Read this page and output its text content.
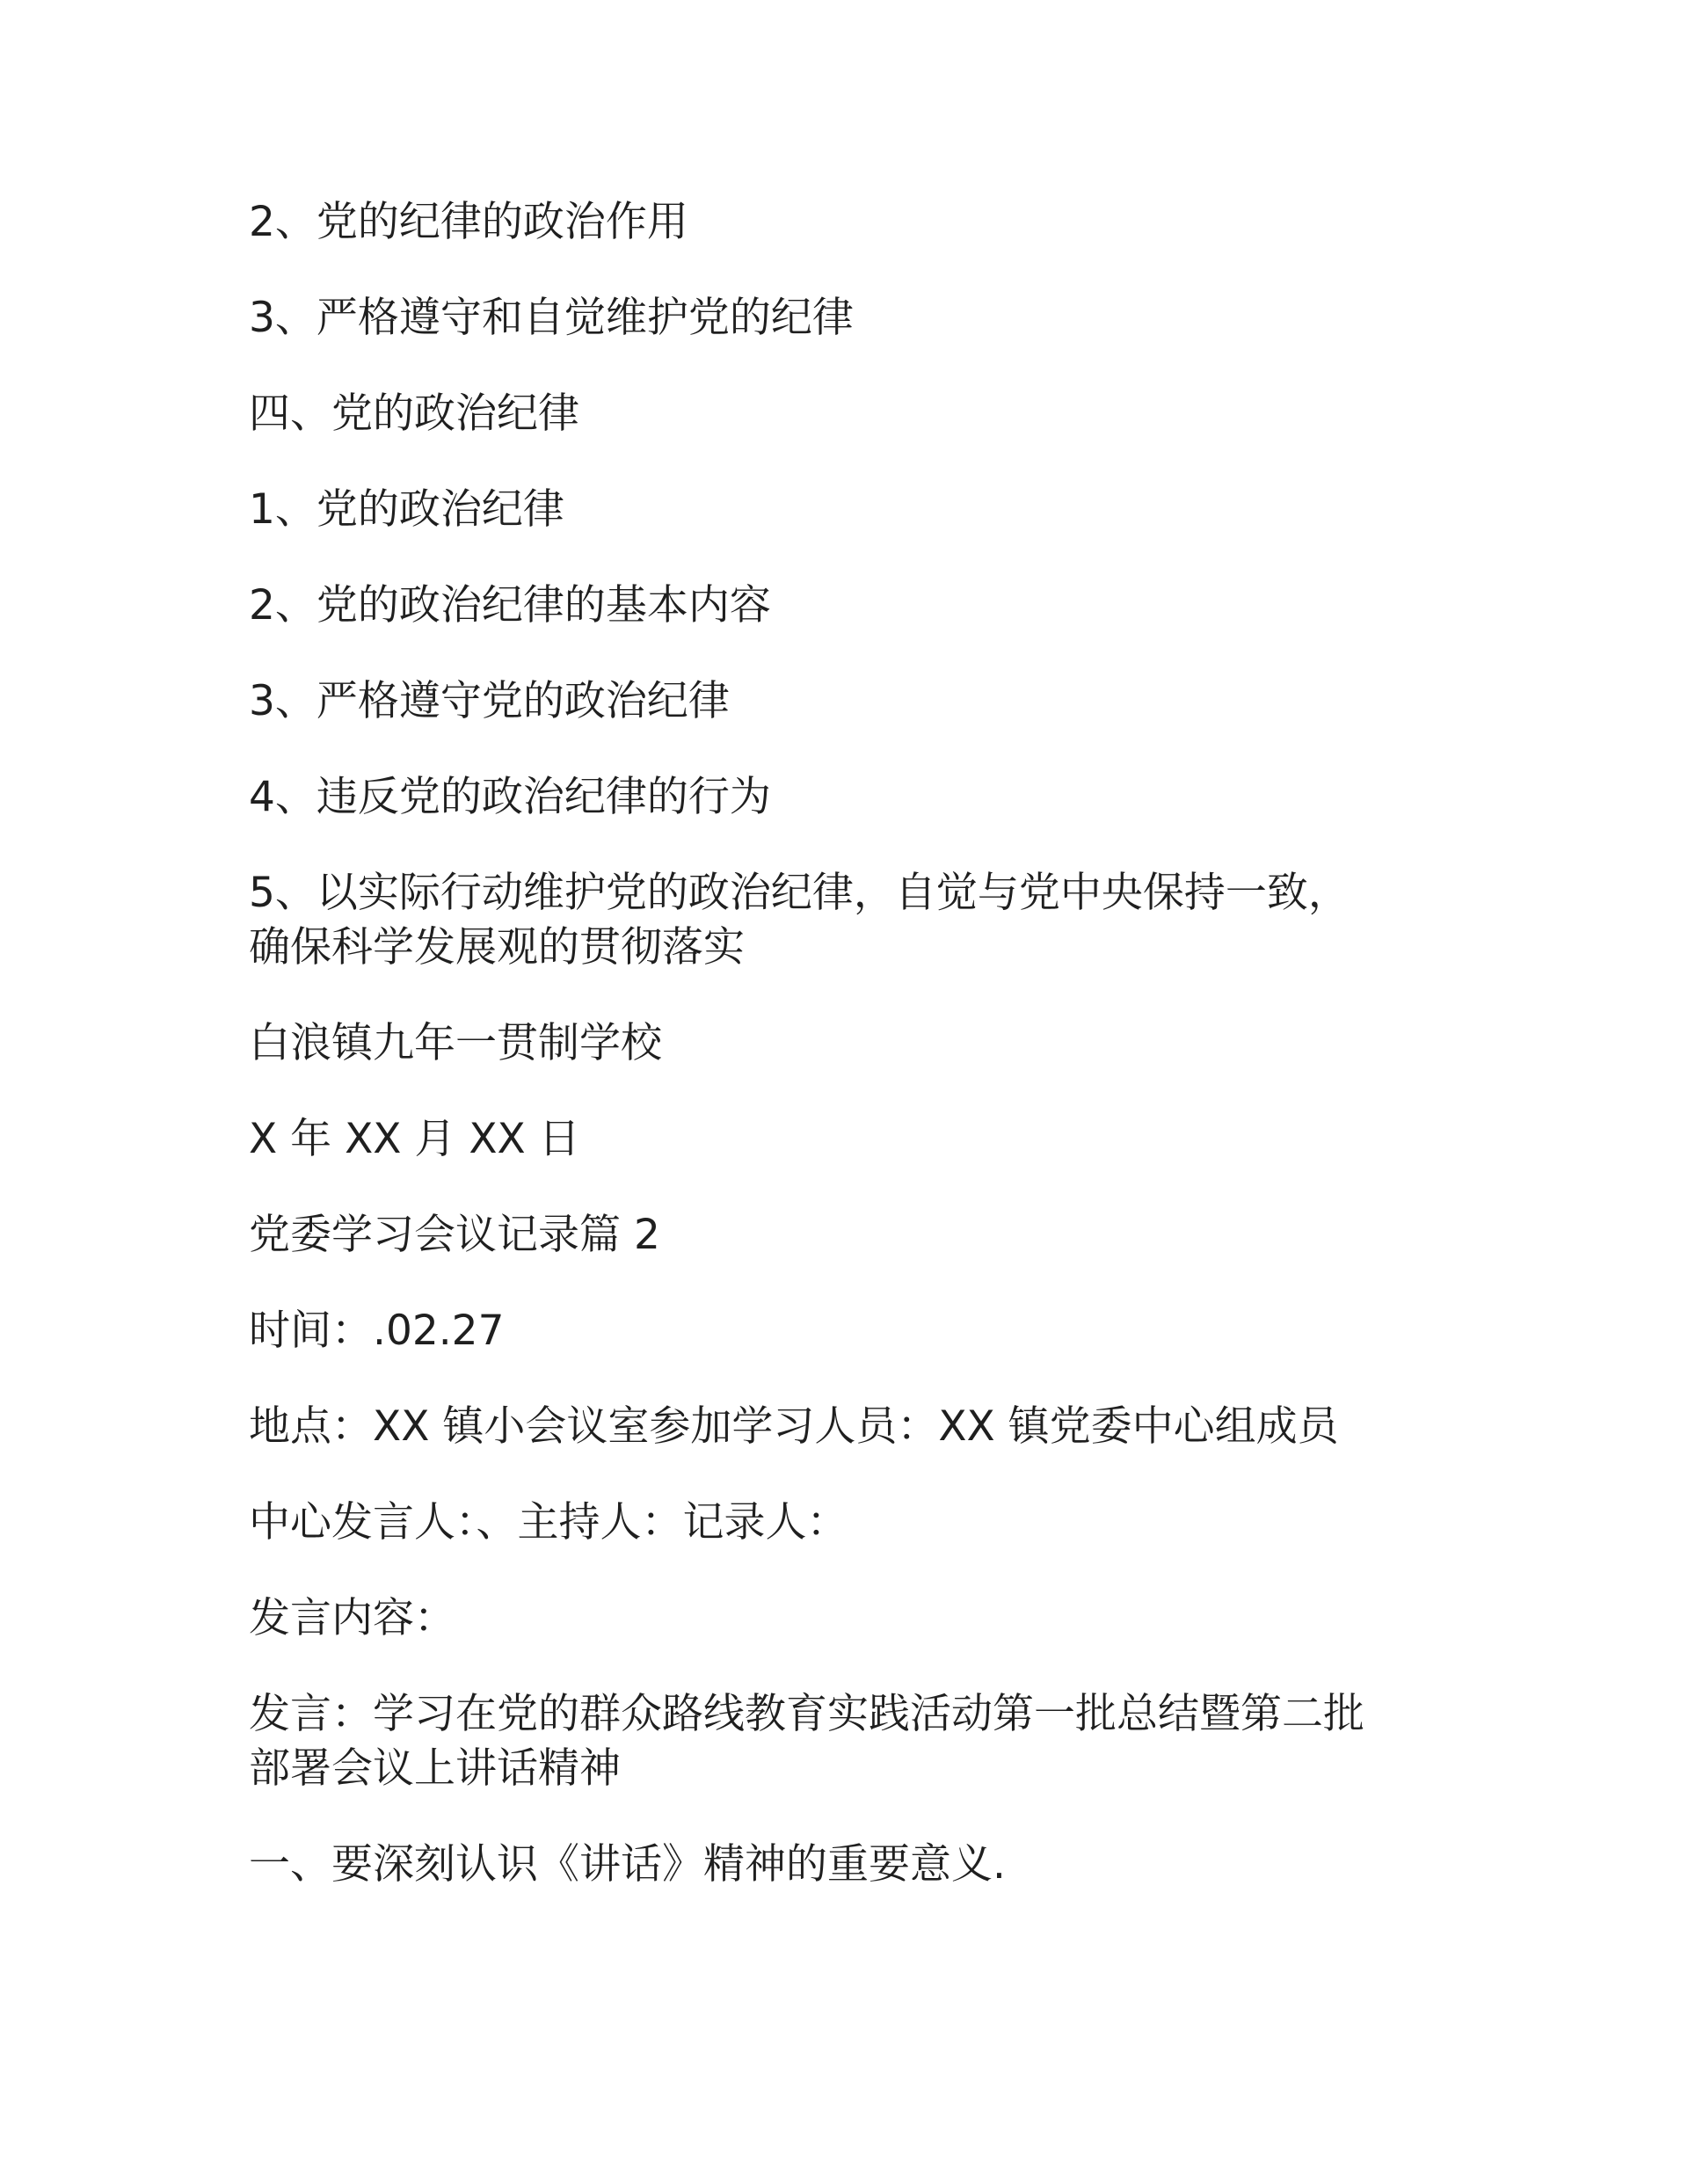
2、党的纪律的政治作用

3、严格遵守和自觉维护党的纪律

四、党的政治纪律

1、党的政治纪律

2、党的政治纪律的基本内容

3、严格遵守党的政治纪律

4、违反党的政治纪律的行为

5、以实际行动维护党的政治纪律，自觉与党中央保持一致，
确保科学发展观的贯彻落实

白浪镇九年一贯制学校

X 年 XX 月 XX 日

党委学习会议记录篇 2

时间：.02.27

地点：XX 镇小会议室参加学习人员：XX 镇党委中心组成员

中心发言人：、主持人：记录人：

发言内容：

发言：学习在党的群众路线教育实践活动第一批总结暨第二批
部署会议上讲话精神

一、要深刻认识《讲话》精神的重要意义.
